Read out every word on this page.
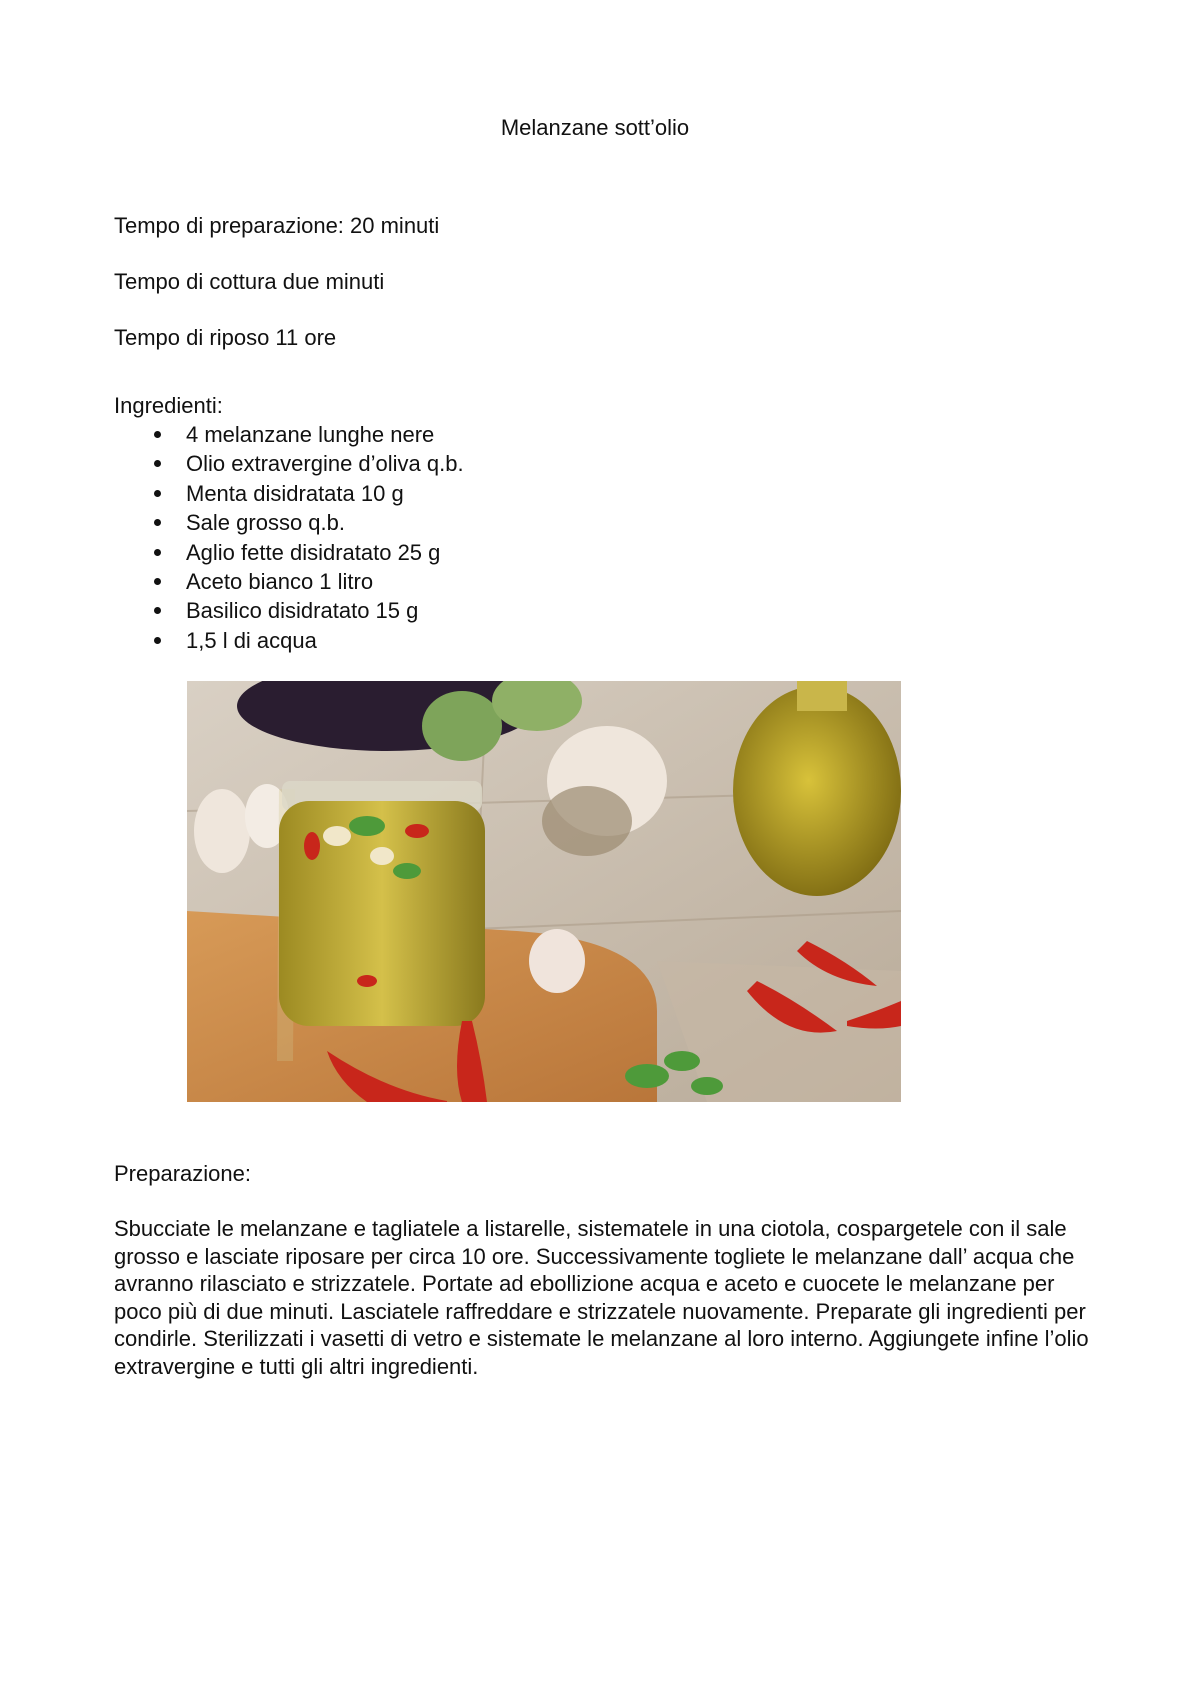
Melanzane sott’olio
Tempo di preparazione: 20 minuti
Tempo di cottura due minuti
Tempo di riposo 11 ore
Ingredienti:
4 melanzane lunghe nere
Olio extravergine d’oliva q.b.
Menta disidratata 10 g
Sale grosso q.b.
Aglio fette disidratato 25 g
Aceto bianco 1 litro
Basilico disidratato 15 g
1,5 l di acqua
Preparazione:

Sbucciate le melanzane e tagliatele a listarelle, sistematele in una ciotola, cospargetele con il sale grosso e lasciate riposare per circa 10 ore. Successivamente togliete le melanzane dall’ acqua che avranno rilasciato e strizzatele. Portate ad ebollizione acqua e aceto e cuocete le melanzane per poco più di due minuti. Lasciatele raffreddare e strizzatele nuovamente. Preparate gli ingredienti per condirle. Sterilizzati i vasetti di vetro e sistemate le melanzane al loro interno. Aggiungete infine l’olio extravergine e tutti gli altri ingredienti.
